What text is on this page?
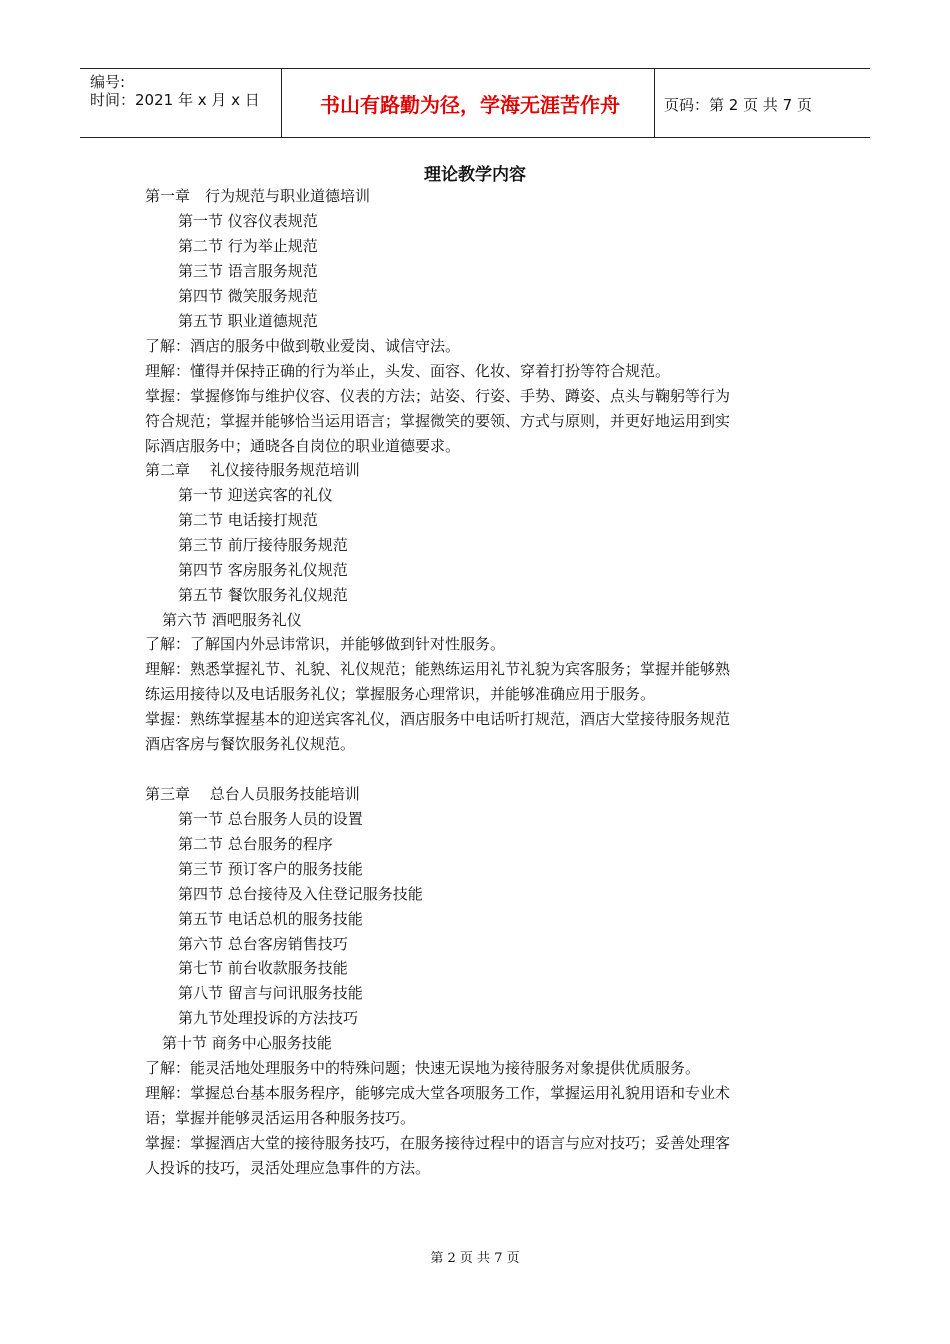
编号:
时间：2021 年 x 月 x 日	书山有路勤为径，学海无涯苦作舟	页码：第 2 页 共 7 页
理论教学内容
第一章　行为规范与职业道德培训
第一节 仪容仪表规范
第二节 行为举止规范
第三节 语言服务规范
第四节 微笑服务规范
第五节 职业道德规范
了解：酒店的服务中做到敬业爱岗、诚信守法。
理解：懂得并保持正确的行为举止，头发、面容、化妆、穿着打扮等符合规范。
掌握：掌握修饰与维护仪容、仪表的方法；站姿、行姿、手势、蹲姿、点头与鞠躬等行为
符合规范；掌握并能够恰当运用语言；掌握微笑的要领、方式与原则，并更好地运用到实
际酒店服务中；通晓各自岗位的职业道德要求。
第二章　 礼仪接待服务规范培训
第一节 迎送宾客的礼仪
第二节 电话接打规范
第三节 前厅接待服务规范
第四节 客房服务礼仪规范
第五节 餐饮服务礼仪规范
第六节 酒吧服务礼仪
了解：了解国内外忌讳常识，并能够做到针对性服务。
理解：熟悉掌握礼节、礼貌、礼仪规范；能熟练运用礼节礼貌为宾客服务；掌握并能够熟
练运用接待以及电话服务礼仪；掌握服务心理常识，并能够准确应用于服务。
掌握：熟练掌握基本的迎送宾客礼仪，酒店服务中电话听打规范，酒店大堂接待服务规范
酒店客房与餐饮服务礼仪规范。
第三章　 总台人员服务技能培训
第一节 总台服务人员的设置
第二节 总台服务的程序
第三节 预订客户的服务技能
第四节 总台接待及入住登记服务技能
第五节 电话总机的服务技能
第六节 总台客房销售技巧
第七节 前台收款服务技能
第八节 留言与问讯服务技能
第九节处理投诉的方法技巧
第十节 商务中心服务技能
了解：能灵活地处理服务中的特殊问题；快速无误地为接待服务对象提供优质服务。
理解：掌握总台基本服务程序，能够完成大堂各项服务工作，掌握运用礼貌用语和专业术
语；掌握并能够灵活运用各种服务技巧。
掌握：掌握酒店大堂的接待服务技巧，在服务接待过程中的语言与应对技巧；妥善处理客
人投诉的技巧，灵活处理应急事件的方法。
第 2 页 共 7 页
